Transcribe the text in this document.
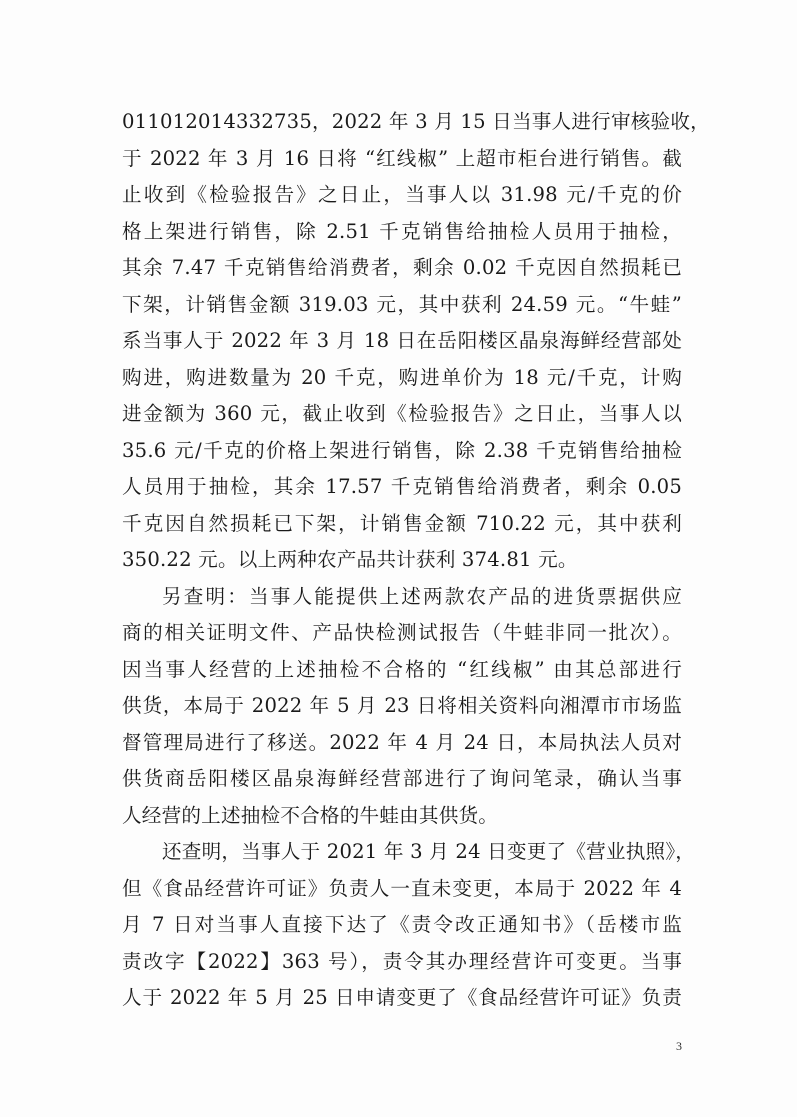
011012014332735，2022 年 3 月 15 日当事人进行审核验收，
于 2022 年 3 月 16 日将 “红线椒” 上超市柜台进行销售。截
止收到《检验报告》之日止，当事人以 31.98 元/千克的价
格上架进行销售，除 2.51 千克销售给抽检人员用于抽检，
其余 7.47 千克销售给消费者，剩余 0.02 千克因自然损耗已
下架，计销售金额 319.03 元，其中获利 24.59 元。“牛蛙”
系当事人于 2022 年 3 月 18 日在岳阳楼区晶泉海鲜经营部处
购进，购进数量为 20 千克，购进单价为 18 元/千克，计购
进金额为 360 元，截止收到《检验报告》之日止，当事人以
35.6 元/千克的价格上架进行销售，除 2.38 千克销售给抽检
人员用于抽检，其余 17.57 千克销售给消费者，剩余 0.05
千克因自然损耗已下架，计销售金额 710.22 元，其中获利
350.22 元。以上两种农产品共计获利 374.81 元。
另查明：当事人能提供上述两款农产品的进货票据供应
商的相关证明文件、产品快检测试报告（牛蛙非同一批次）。
因当事人经营的上述抽检不合格的 “红线椒” 由其总部进行
供货，本局于 2022 年 5 月 23 日将相关资料向湘潭市市场监
督管理局进行了移送。2022 年 4 月 24 日，本局执法人员对
供货商岳阳楼区晶泉海鲜经营部进行了询问笔录，确认当事
人经营的上述抽检不合格的牛蛙由其供货。
还查明，当事人于 2021 年 3 月 24 日变更了《营业执照》，
但《食品经营许可证》负责人一直未变更，本局于 2022 年 4
月 7 日对当事人直接下达了《责令改正通知书》（岳楼市监
责改字【2022】363 号），责令其办理经营许可变更。当事
人于 2022 年 5 月 25 日申请变更了《食品经营许可证》负责
3
